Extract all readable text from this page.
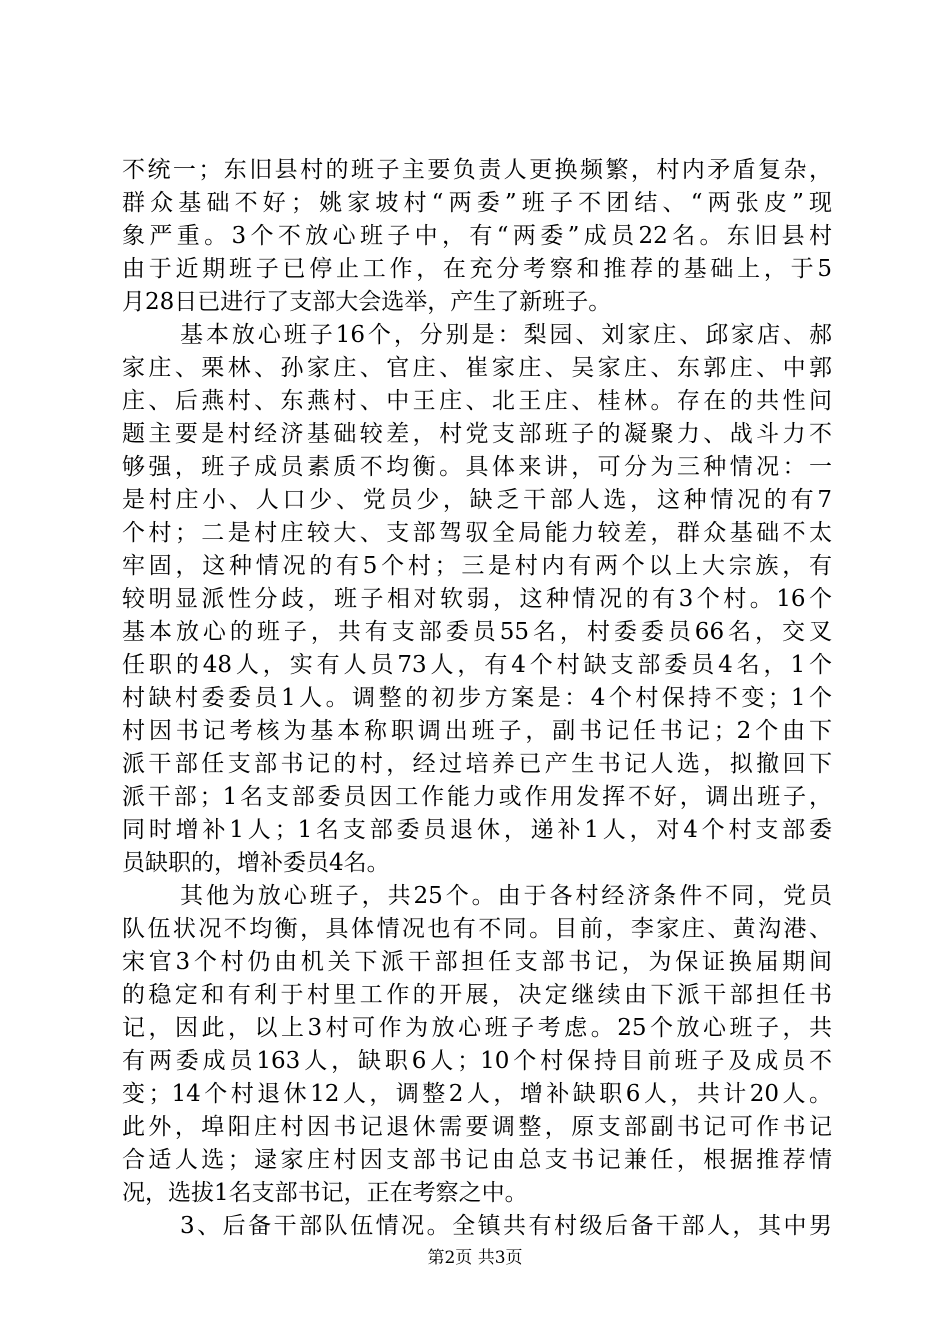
不统一；东旧县村的班子主要负责人更换频繁，村内矛盾复杂，
群众基础不好；姚家坡村“两委”班子不团结、“两张皮”现
象严重。3个不放心班子中，有“两委”成员22名。东旧县村
由于近期班子已停止工作，在充分考察和推荐的基础上，于5
月28日已进行了支部大会选举，产生了新班子。
基本放心班子16个，分别是：梨园、刘家庄、邱家店、郝
家庄、栗林、孙家庄、官庄、崔家庄、吴家庄、东郭庄、中郭
庄、后燕村、东燕村、中王庄、北王庄、桂林。存在的共性问
题主要是村经济基础较差，村党支部班子的凝聚力、战斗力不
够强，班子成员素质不均衡。具体来讲，可分为三种情况：一
是村庄小、人口少、党员少，缺乏干部人选，这种情况的有7
个村；二是村庄较大、支部驾驭全局能力较差，群众基础不太
牢固，这种情况的有5个村；三是村内有两个以上大宗族，有
较明显派性分歧，班子相对软弱，这种情况的有3个村。16个
基本放心的班子，共有支部委员55名，村委委员66名，交叉
任职的48人，实有人员73人，有4个村缺支部委员4名，1个
村缺村委委员1人。调整的初步方案是：4个村保持不变；1个
村因书记考核为基本称职调出班子，副书记任书记；2个由下
派干部任支部书记的村，经过培养已产生书记人选，拟撤回下
派干部；1名支部委员因工作能力或作用发挥不好，调出班子，
同时增补1人；1名支部委员退休，递补1人，对4个村支部委
员缺职的，增补委员4名。
其他为放心班子，共25个。由于各村经济条件不同，党员
队伍状况不均衡，具体情况也有不同。目前，李家庄、黄沟港、
宋官3个村仍由机关下派干部担任支部书记，为保证换届期间
的稳定和有利于村里工作的开展，决定继续由下派干部担任书
记，因此，以上3村可作为放心班子考虑。25个放心班子，共
有两委成员163人，缺职6人；10个村保持目前班子及成员不
变；14个村退休12人，调整2人，增补缺职6人，共计20人。
此外，埠阳庄村因书记退休需要调整，原支部副书记可作书记
合适人选；逯家庄村因支部书记由总支书记兼任，根据推荐情
况，选拔1名支部书记，正在考察之中。
3、后备干部队伍情况。全镇共有村级后备干部人，其中男
第2页 共3页
